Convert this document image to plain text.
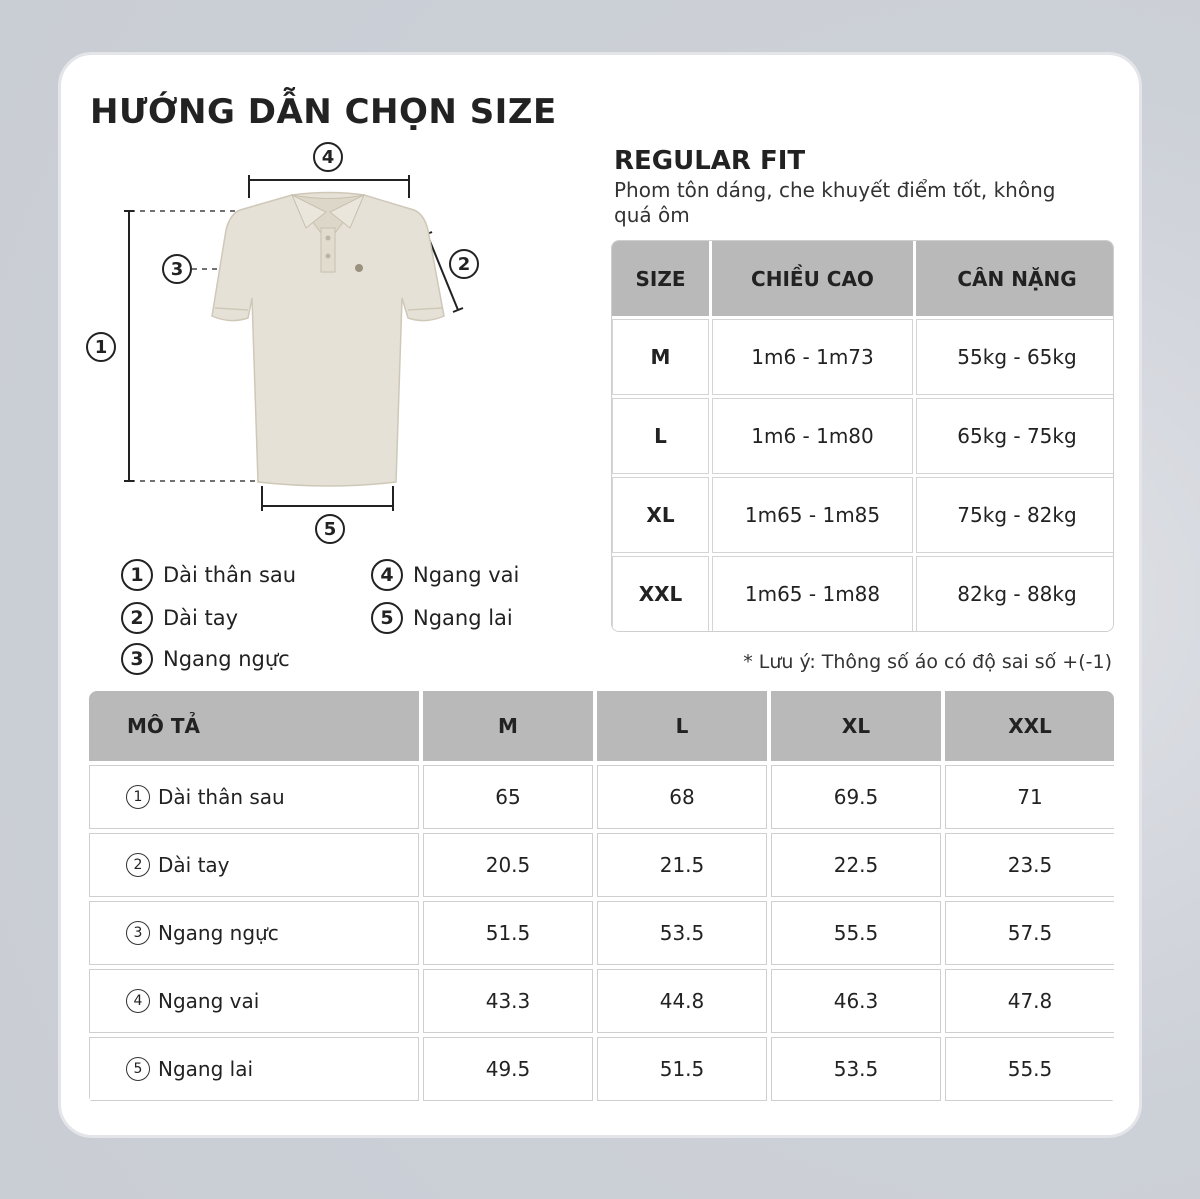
HƯỚNG DẪN CHỌN SIZE
4
3	2
1
5
1 Dài thân sau
2 Dài tay
3 Ngang ngực
4 Ngang vai
5 Ngang lai
REGULAR FIT
Phom tôn dáng, che khuyết điểm tốt, không quá ôm
SIZE	CHIỀU CAO	CÂN NẶNG
M	1m6 - 1m73	55kg - 65kg
L	1m6 - 1m80	65kg - 75kg
XL	1m65 - 1m85	75kg - 82kg
XXL	1m65 - 1m88	82kg - 88kg
* Lưu ý: Thông số áo có độ sai số +(-1)
MÔ TẢ	M	L	XL	XXL
1 Dài thân sau	65	68	69.5	71
2 Dài tay	20.5	21.5	22.5	23.5
3 Ngang ngực	51.5	53.5	55.5	57.5
4 Ngang vai	43.3	44.8	46.3	47.8
5 Ngang lai	49.5	51.5	53.5	55.5
